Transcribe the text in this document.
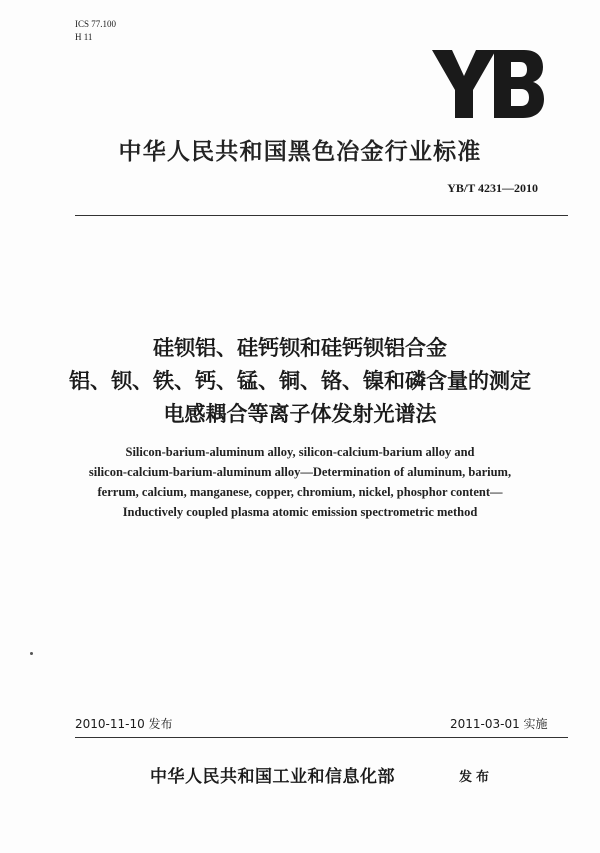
ICS 77.100
H 11
中华人民共和国黑色冶金行业标准
YB/T 4231—2010
硅钡铝、硅钙钡和硅钙钡铝合金
铝、钡、铁、钙、锰、铜、铬、镍和磷含量的测定
电感耦合等离子体发射光谱法
Silicon-barium-aluminum alloy, silicon-calcium-barium alloy and
silicon-calcium-barium-aluminum alloy—Determination of aluminum, barium,
ferrum, calcium, manganese, copper, chromium, nickel, phosphor content—
Inductively coupled plasma atomic emission spectrometric method
2010-11-10 发布	2011-03-01 实施
中华人民共和国工业和信息化部	发布
